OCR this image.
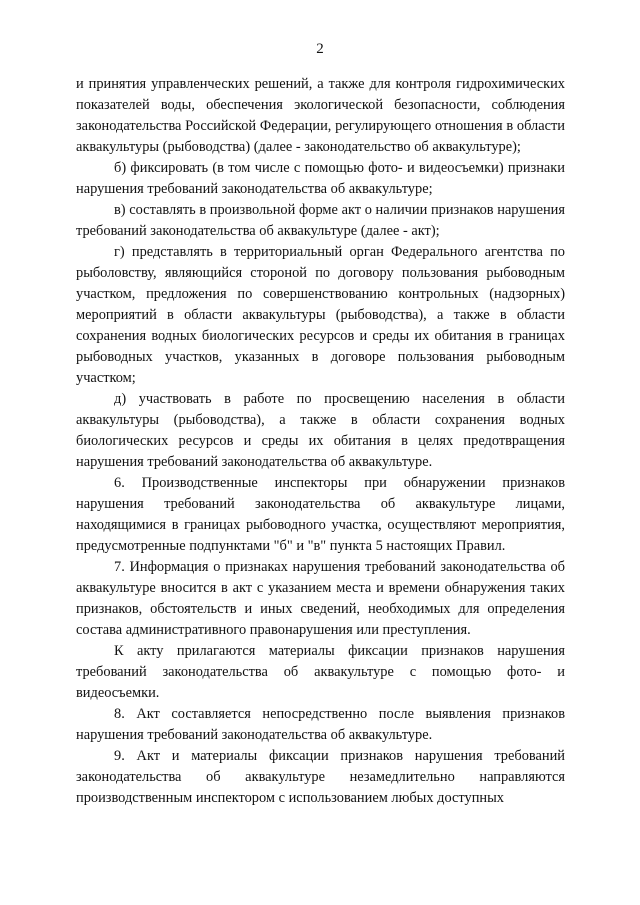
2

и принятия управленческих решений, а также для контроля гидрохимических показателей воды, обеспечения экологической безопасности, соблюдения законодательства Российской Федерации, регулирующего отношения в области аквакультуры (рыбоводства) (далее - законодательство об аквакультуре);

б) фиксировать (в том числе с помощью фото- и видеосъемки) признаки нарушения требований законодательства об аквакультуре;

в) составлять в произвольной форме акт о наличии признаков нарушения требований законодательства об аквакультуре (далее - акт);

г) представлять в территориальный орган Федерального агентства по рыболовству, являющийся стороной по договору пользования рыбоводным участком, предложения по совершенствованию контрольных (надзорных) мероприятий в области аквакультуры (рыбоводства), а также в области сохранения водных биологических ресурсов и среды их обитания в границах рыбоводных участков, указанных в договоре пользования рыбоводным участком;

д) участвовать в работе по просвещению населения в области аквакультуры (рыбоводства), а также в области сохранения водных биологических ресурсов и среды их обитания в целях предотвращения нарушения требований законодательства об аквакультуре.

6. Производственные инспекторы при обнаружении признаков нарушения требований законодательства об аквакультуре лицами, находящимися в границах рыбоводного участка, осуществляют мероприятия, предусмотренные подпунктами "б" и "в" пункта 5 настоящих Правил.

7. Информация о признаках нарушения требований законодательства об аквакультуре вносится в акт с указанием места и времени обнаружения таких признаков, обстоятельств и иных сведений, необходимых для определения состава административного правонарушения или преступления.

К акту прилагаются материалы фиксации признаков нарушения требований законодательства об аквакультуре с помощью фото- и видеосъемки.

8. Акт составляется непосредственно после выявления признаков нарушения требований законодательства об аквакультуре.

9. Акт и материалы фиксации признаков нарушения требований законодательства об аквакультуре незамедлительно направляются производственным инспектором с использованием любых доступных
